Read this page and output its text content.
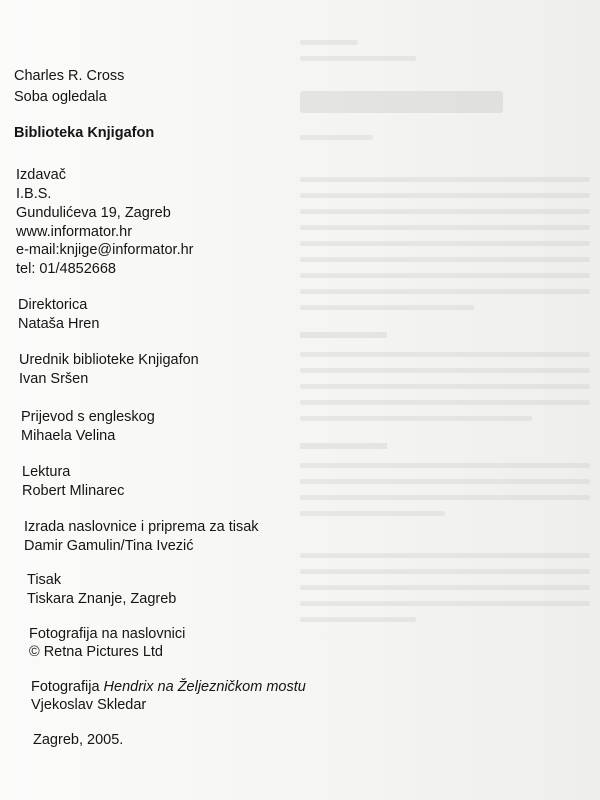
Charles R. Cross
Soba ogledala
Biblioteka Knjigafon
Izdavač
I.B.S.
Gundulićeva 19, Zagreb
www.informator.hr
e-mail:knjige@informator.hr
tel: 01/4852668
Direktorica
Nataša Hren
Urednik biblioteke Knjigafon
Ivan Sršen
Prijevod s engleskog
Mihaela Velina
Lektura
Robert Mlinarec
Izrada naslovnice i priprema za tisak
Damir Gamulin/Tina Ivezić
Tisak
Tiskara Znanje, Zagreb
Fotografija na naslovnici
© Retna Pictures Ltd
Fotografija Hendrix na Željezničkom mostu
Vjekoslav Skledar
Zagreb, 2005.
